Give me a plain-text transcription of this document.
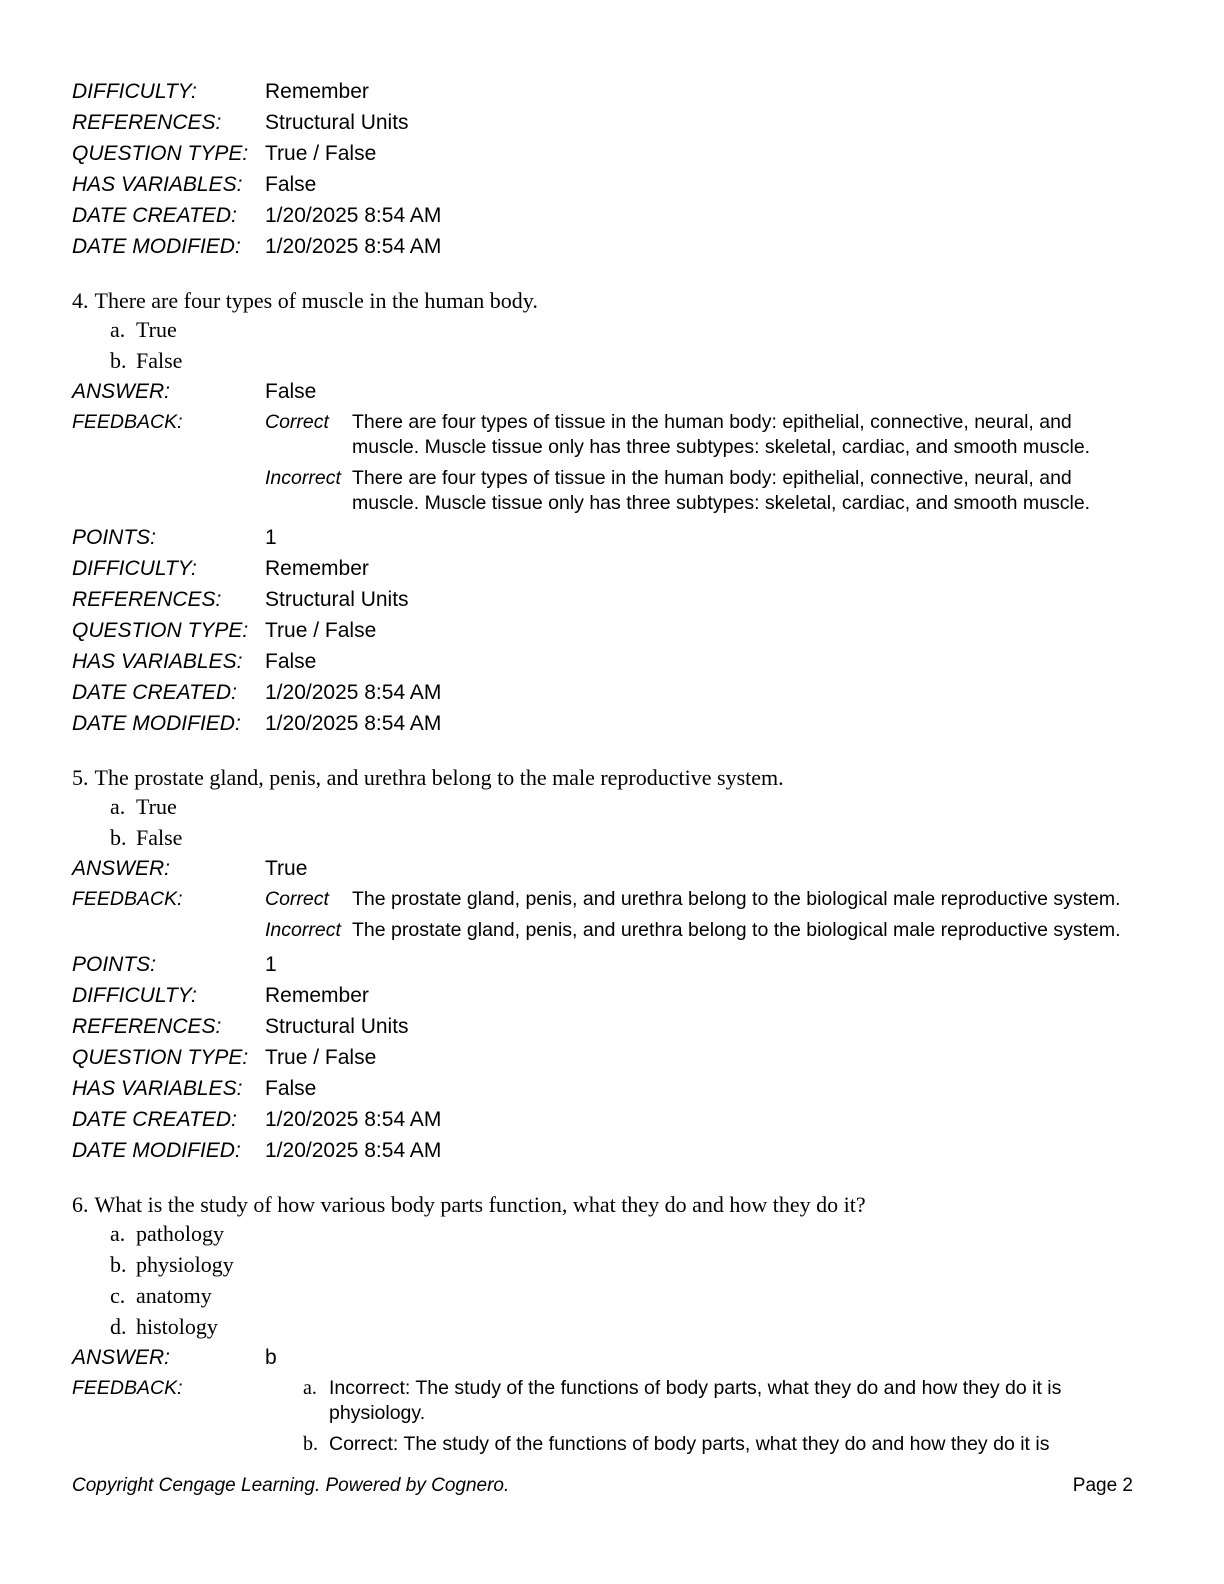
DIFFICULTY:	Remember
REFERENCES:	Structural Units
QUESTION TYPE: True / False
HAS VARIABLES:	False
DATE CREATED:	1/20/2025 8:54 AM
DATE MODIFIED:	1/20/2025 8:54 AM
4. There are four types of muscle in the human body.
a. True
b. False
ANSWER:	False
FEEDBACK:	Correct	There are four types of tissue in the human body: epithelial, connective, neural, and muscle. Muscle tissue only has three subtypes: skeletal, cardiac, and smooth muscle.
Incorrect There are four types of tissue in the human body: epithelial, connective, neural, and muscle. Muscle tissue only has three subtypes: skeletal, cardiac, and smooth muscle.
POINTS:	1
DIFFICULTY:	Remember
REFERENCES:	Structural Units
QUESTION TYPE: True / False
HAS VARIABLES:	False
DATE CREATED:	1/20/2025 8:54 AM
DATE MODIFIED:	1/20/2025 8:54 AM
5. The prostate gland, penis, and urethra belong to the male reproductive system.
a. True
b. False
ANSWER:	True
FEEDBACK:	Correct	The prostate gland, penis, and urethra belong to the biological male reproductive system.
Incorrect The prostate gland, penis, and urethra belong to the biological male reproductive system.
POINTS:	1
DIFFICULTY:	Remember
REFERENCES:	Structural Units
QUESTION TYPE: True / False
HAS VARIABLES:	False
DATE CREATED:	1/20/2025 8:54 AM
DATE MODIFIED:	1/20/2025 8:54 AM
6. What is the study of how various body parts function, what they do and how they do it?
a. pathology
b. physiology
c. anatomy
d. histology
ANSWER:	b
FEEDBACK:	a. Incorrect: The study of the functions of body parts, what they do and how they do it is physiology.
b. Correct: The study of the functions of body parts, what they do and how they do it is
Copyright Cengage Learning. Powered by Cognero.	Page 2
